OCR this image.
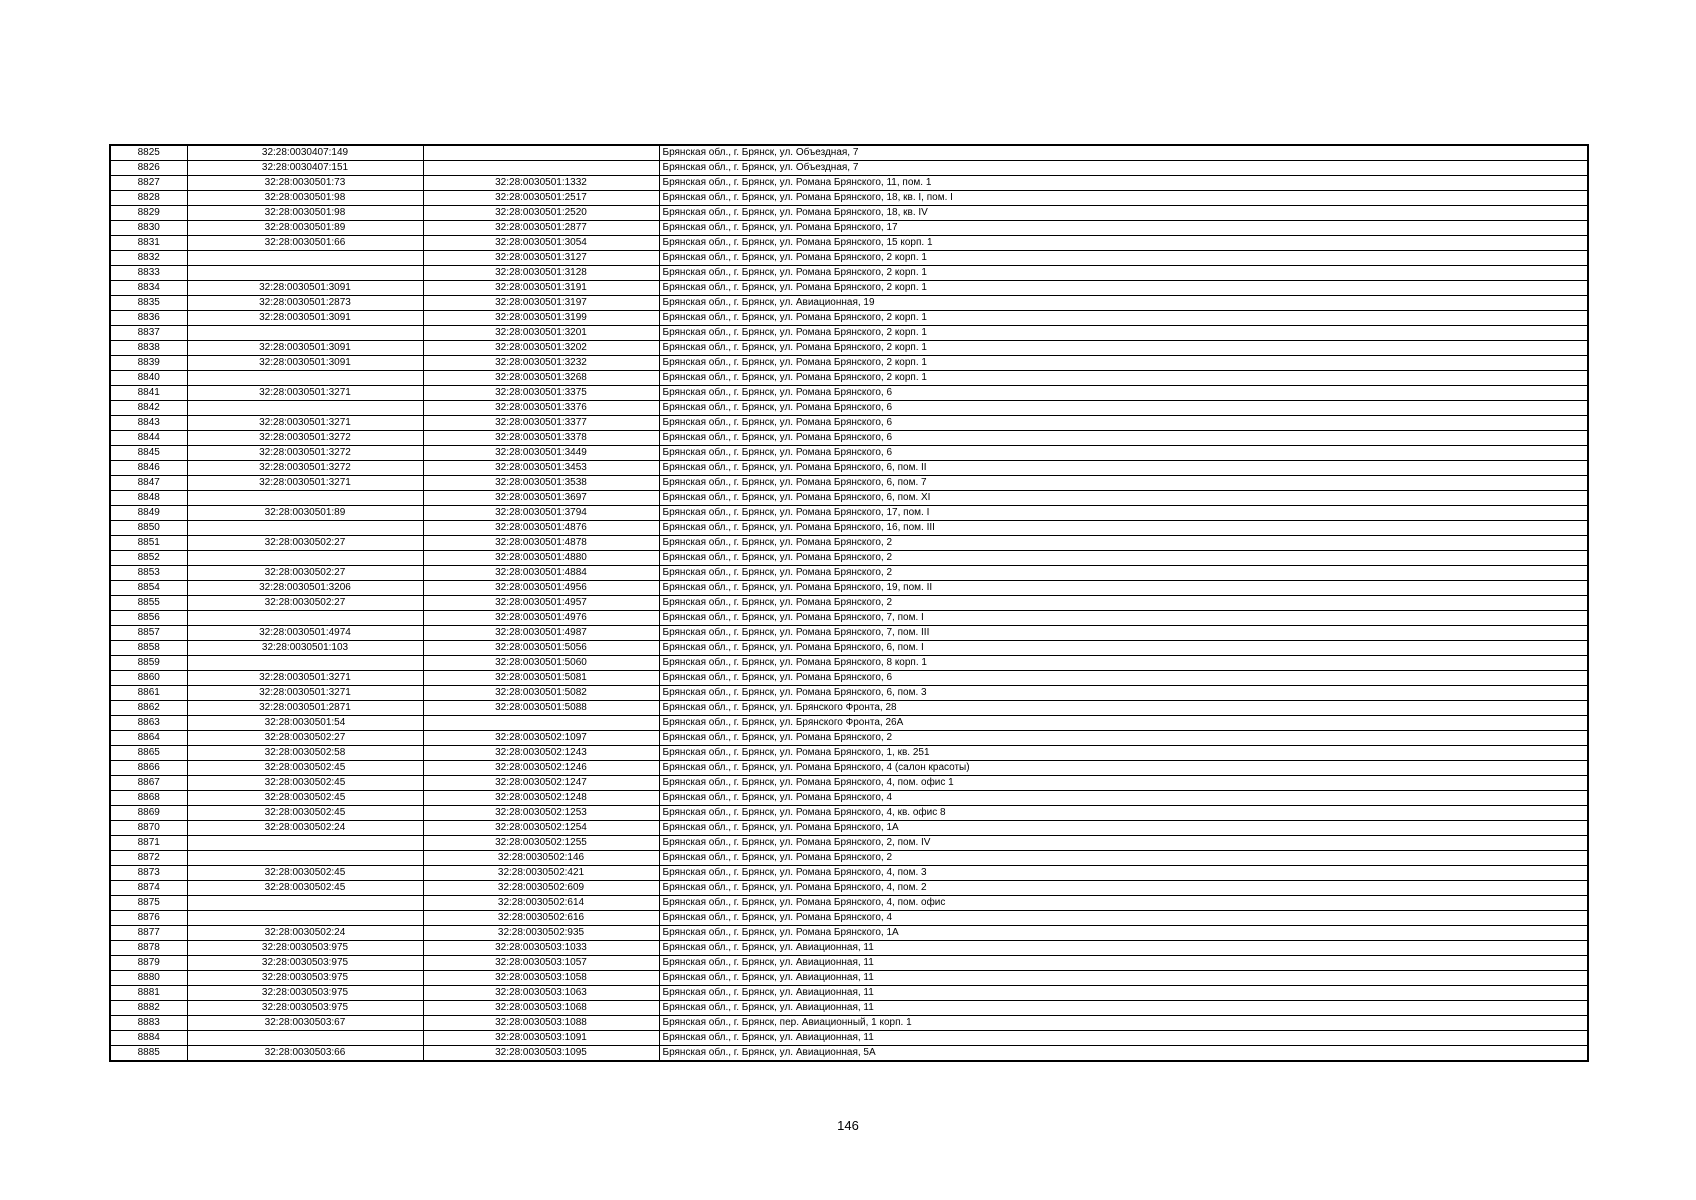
8825	32:28:0030407:149		Брянская обл., г. Брянск, ул. Объездная, 7
8826	32:28:0030407:151		Брянская обл., г. Брянск, ул. Объездная, 7
8827	32:28:0030501:73	32:28:0030501:1332	Брянская обл., г. Брянск, ул. Романа Брянского, 11, пом. 1
8828	32:28:0030501:98	32:28:0030501:2517	Брянская обл., г. Брянск, ул. Романа Брянского, 18, кв. I, пом. I
8829	32:28:0030501:98	32:28:0030501:2520	Брянская обл., г. Брянск, ул. Романа Брянского, 18, кв. IV
8830	32:28:0030501:89	32:28:0030501:2877	Брянская обл., г. Брянск, ул. Романа Брянского, 17
8831	32:28:0030501:66	32:28:0030501:3054	Брянская обл., г. Брянск, ул. Романа Брянского, 15 корп. 1
8832		32:28:0030501:3127	Брянская обл., г. Брянск, ул. Романа Брянского, 2 корп. 1
8833		32:28:0030501:3128	Брянская обл., г. Брянск, ул. Романа Брянского, 2 корп. 1
8834	32:28:0030501:3091	32:28:0030501:3191	Брянская обл., г. Брянск, ул. Романа Брянского, 2 корп. 1
8835	32:28:0030501:2873	32:28:0030501:3197	Брянская обл., г. Брянск, ул. Авиационная, 19
8836	32:28:0030501:3091	32:28:0030501:3199	Брянская обл., г. Брянск, ул. Романа Брянского, 2 корп. 1
8837		32:28:0030501:3201	Брянская обл., г. Брянск, ул. Романа Брянского, 2 корп. 1
8838	32:28:0030501:3091	32:28:0030501:3202	Брянская обл., г. Брянск, ул. Романа Брянского, 2 корп. 1
8839	32:28:0030501:3091	32:28:0030501:3232	Брянская обл., г. Брянск, ул. Романа Брянского, 2 корп. 1
8840		32:28:0030501:3268	Брянская обл., г. Брянск, ул. Романа Брянского, 2 корп. 1
8841	32:28:0030501:3271	32:28:0030501:3375	Брянская обл., г. Брянск, ул. Романа Брянского, 6
8842		32:28:0030501:3376	Брянская обл., г. Брянск, ул. Романа Брянского, 6
8843	32:28:0030501:3271	32:28:0030501:3377	Брянская обл., г. Брянск, ул. Романа Брянского, 6
8844	32:28:0030501:3272	32:28:0030501:3378	Брянская обл., г. Брянск, ул. Романа Брянского, 6
8845	32:28:0030501:3272	32:28:0030501:3449	Брянская обл., г. Брянск, ул. Романа Брянского, 6
8846	32:28:0030501:3272	32:28:0030501:3453	Брянская обл., г. Брянск, ул. Романа Брянского, 6, пом. II
8847	32:28:0030501:3271	32:28:0030501:3538	Брянская обл., г. Брянск, ул. Романа Брянского, 6, пом. 7
8848		32:28:0030501:3697	Брянская обл., г. Брянск, ул. Романа Брянского, 6, пом. XI
8849	32:28:0030501:89	32:28:0030501:3794	Брянская обл., г. Брянск, ул. Романа Брянского, 17, пом. I
8850		32:28:0030501:4876	Брянская обл., г. Брянск, ул. Романа Брянского, 16, пом. III
8851	32:28:0030502:27	32:28:0030501:4878	Брянская обл., г. Брянск, ул. Романа Брянского, 2
8852		32:28:0030501:4880	Брянская обл., г. Брянск, ул. Романа Брянского, 2
8853	32:28:0030502:27	32:28:0030501:4884	Брянская обл., г. Брянск, ул. Романа Брянского, 2
8854	32:28:0030501:3206	32:28:0030501:4956	Брянская обл., г. Брянск, ул. Романа Брянского, 19, пом. II
8855	32:28:0030502:27	32:28:0030501:4957	Брянская обл., г. Брянск, ул. Романа Брянского, 2
8856		32:28:0030501:4976	Брянская обл., г. Брянск, ул. Романа Брянского, 7, пом. I
8857	32:28:0030501:4974	32:28:0030501:4987	Брянская обл., г. Брянск, ул. Романа Брянского, 7, пом. III
8858	32:28:0030501:103	32:28:0030501:5056	Брянская обл., г. Брянск, ул. Романа Брянского, 6, пом. I
8859		32:28:0030501:5060	Брянская обл., г. Брянск, ул. Романа Брянского, 8 корп. 1
8860	32:28:0030501:3271	32:28:0030501:5081	Брянская обл., г. Брянск, ул. Романа Брянского, 6
8861	32:28:0030501:3271	32:28:0030501:5082	Брянская обл., г. Брянск, ул. Романа Брянского, 6, пом. 3
8862	32:28:0030501:2871	32:28:0030501:5088	Брянская обл., г. Брянск, ул. Брянского Фронта, 28
8863	32:28:0030501:54		Брянская обл., г. Брянск, ул. Брянского Фронта, 26А
8864	32:28:0030502:27	32:28:0030502:1097	Брянская обл., г. Брянск, ул. Романа Брянского, 2
8865	32:28:0030502:58	32:28:0030502:1243	Брянская обл., г. Брянск, ул. Романа Брянского, 1, кв. 251
8866	32:28:0030502:45	32:28:0030502:1246	Брянская обл., г. Брянск, ул. Романа Брянского, 4 (салон красоты)
8867	32:28:0030502:45	32:28:0030502:1247	Брянская обл., г. Брянск, ул. Романа Брянского, 4, пом. офис 1
8868	32:28:0030502:45	32:28:0030502:1248	Брянская обл., г. Брянск, ул. Романа Брянского, 4
8869	32:28:0030502:45	32:28:0030502:1253	Брянская обл., г. Брянск, ул. Романа Брянского, 4, кв. офис 8
8870	32:28:0030502:24	32:28:0030502:1254	Брянская обл., г. Брянск, ул. Романа Брянского, 1А
8871		32:28:0030502:1255	Брянская обл., г. Брянск, ул. Романа Брянского, 2, пом. IV
8872		32:28:0030502:146	Брянская обл., г. Брянск, ул. Романа Брянского, 2
8873	32:28:0030502:45	32:28:0030502:421	Брянская обл., г. Брянск, ул. Романа Брянского, 4, пом. 3
8874	32:28:0030502:45	32:28:0030502:609	Брянская обл., г. Брянск, ул. Романа Брянского, 4, пом. 2
8875		32:28:0030502:614	Брянская обл., г. Брянск, ул. Романа Брянского, 4, пом. офис
8876		32:28:0030502:616	Брянская обл., г. Брянск, ул. Романа Брянского, 4
8877	32:28:0030502:24	32:28:0030502:935	Брянская обл., г. Брянск, ул. Романа Брянского, 1А
8878	32:28:0030503:975	32:28:0030503:1033	Брянская обл., г. Брянск, ул. Авиационная, 11
8879	32:28:0030503:975	32:28:0030503:1057	Брянская обл., г. Брянск, ул. Авиационная, 11
8880	32:28:0030503:975	32:28:0030503:1058	Брянская обл., г. Брянск, ул. Авиационная, 11
8881	32:28:0030503:975	32:28:0030503:1063	Брянская обл., г. Брянск, ул. Авиационная, 11
8882	32:28:0030503:975	32:28:0030503:1068	Брянская обл., г. Брянск, ул. Авиационная, 11
8883	32:28:0030503:67	32:28:0030503:1088	Брянская обл., г. Брянск, пер. Авиационный, 1 корп. 1
8884		32:28:0030503:1091	Брянская обл., г. Брянск, ул. Авиационная, 11
8885	32:28:0030503:66	32:28:0030503:1095	Брянская обл., г. Брянск, ул. Авиационная, 5А
146
